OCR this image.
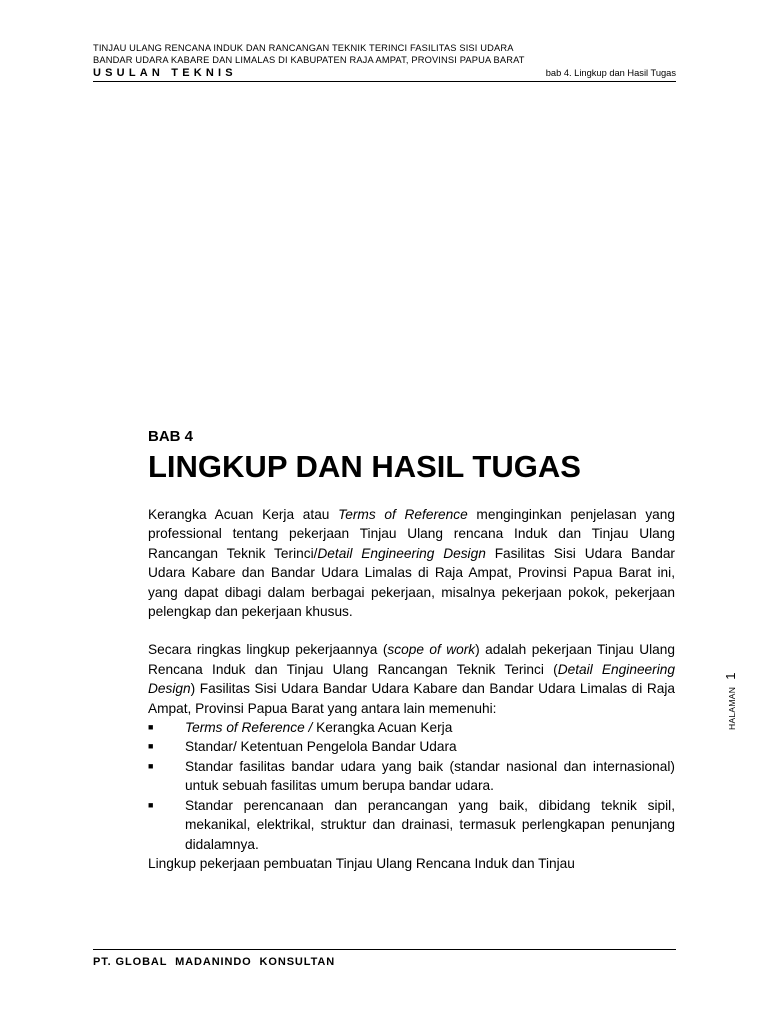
TINJAU ULANG RENCANA INDUK DAN RANCANGAN TEKNIK TERINCI FASILITAS SISI UDARA
BANDAR UDARA KABARE DAN LIMALAS DI KABUPATEN RAJA AMPAT, PROVINSI PAPUA BARAT
USULAN TEKNIS	bab 4. Lingkup dan Hasil Tugas
BAB 4
LINGKUP DAN HASIL TUGAS

Kerangka Acuan Kerja atau Terms of Reference menginginkan penjelasan yang professional tentang pekerjaan Tinjau Ulang rencana Induk dan Tinjau Ulang Rancangan Teknik Terinci/Detail Engineering Design Fasilitas Sisi Udara Bandar Udara Kabare dan Bandar Udara Limalas di Raja Ampat, Provinsi Papua Barat ini, yang dapat dibagi dalam berbagai pekerjaan, misalnya pekerjaan pokok, pekerjaan pelengkap dan pekerjaan khusus.

Secara ringkas lingkup pekerjaannya (scope of work) adalah pekerjaan Tinjau Ulang Rencana Induk dan Tinjau Ulang Rancangan Teknik Terinci (Detail Engineering Design) Fasilitas Sisi Udara Bandar Udara Kabare dan Bandar Udara Limalas di Raja Ampat, Provinsi Papua Barat yang antara lain memenuhi:

■ Terms of Reference / Kerangka Acuan Kerja
■ Standar/ Ketentuan Pengelola Bandar Udara
■ Standar fasilitas bandar udara yang baik (standar nasional dan internasional) untuk sebuah fasilitas umum berupa bandar udara.
■ Standar perencanaan dan perancangan yang baik, dibidang teknik sipil, mekanikal, elektrikal, struktur dan drainasi, termasuk perlengkapan penunjang didalamnya.

Lingkup pekerjaan pembuatan Tinjau Ulang Rencana Induk dan Tinjau

HALAMAN
1
PT. GLOBAL  MADANINDO  KONSULTAN
